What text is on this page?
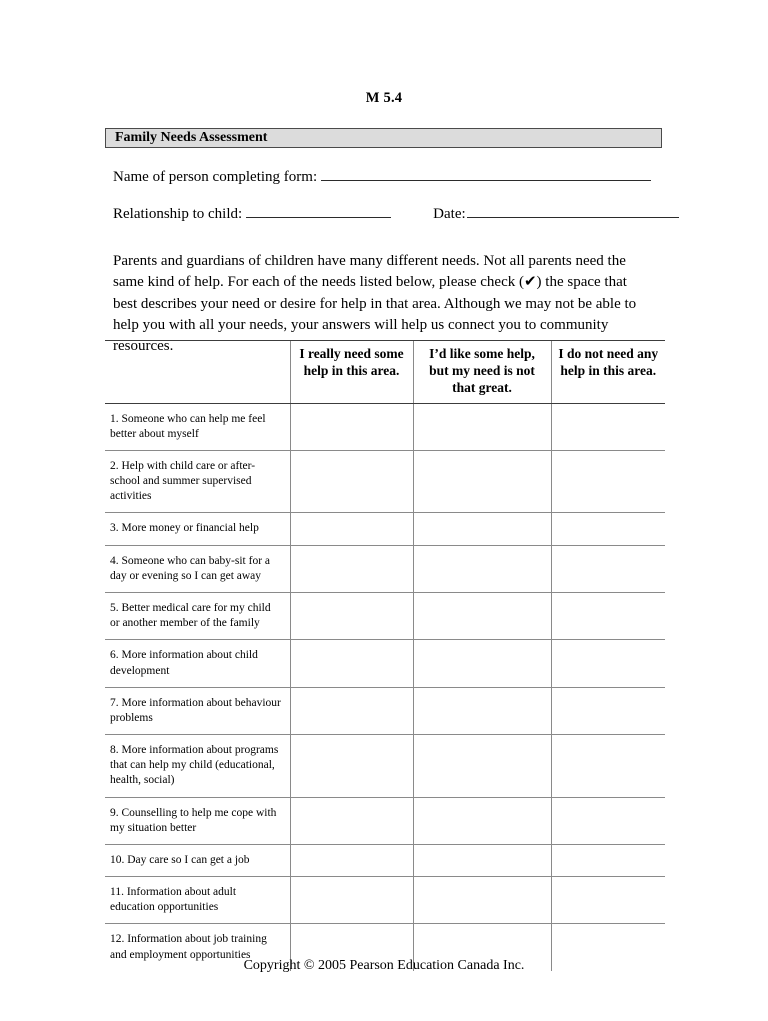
M 5.4
Family Needs Assessment
Name of person completing form:
Relationship to child:	Date:

Parents and guardians of children have many different needs. Not all parents need the same kind of help. For each of the needs listed below, please check (✔) the space that best describes your need or desire for help in that area. Although we may not be able to help you with all your needs, your answers will help us connect you to community resources.

		I really need some help in this area.	I’d like some help, but my need is not that great.	I do not need any help in this area.
1. Someone who can help me feel better about myself			
2. Help with child care or after-school and summer supervised activities			
3. More money or financial help			
4. Someone who can baby-sit for a day or evening so I can get away			
5. Better medical care for my child or another member of the family			
6. More information about child development			
7. More information about behaviour problems			
8. More information about programs that can help my child (educational, health, social)			
9. Counselling to help me cope with my situation better			
10. Day care so I can get a job			
11. Information about adult education opportunities			
12. Information about job training and employment opportunities			
Copyright © 2005 Pearson Education Canada Inc.
